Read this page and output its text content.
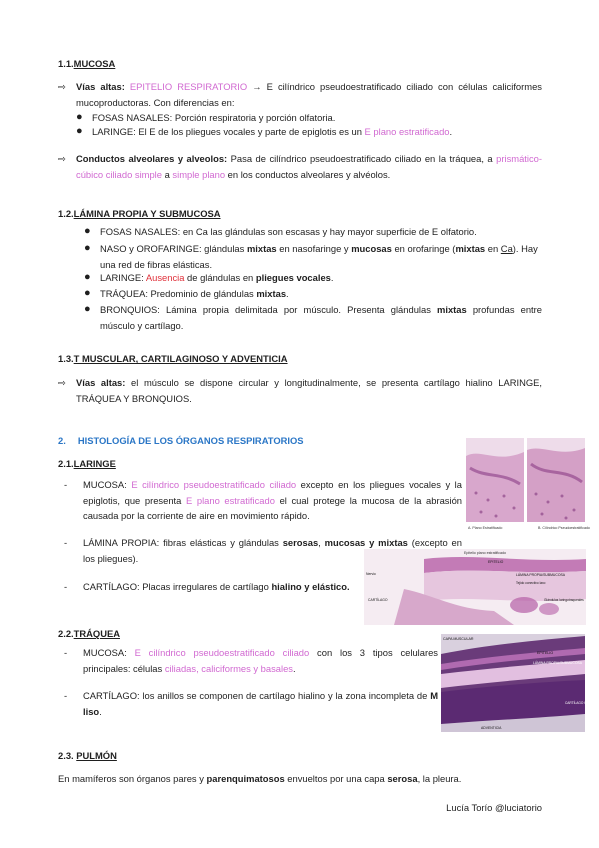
1.1.MUCOSA
⇨	Vías altas: EPITELIO RESPIRATORIO → E cilíndrico pseudoestratificado ciliado con células caliciformes mucoproductoras. Con diferencias en:
● FOSAS NASALES: Porción respiratoria y porción olfatoria.
● LARINGE: El E de los pliegues vocales y parte de epiglotis es un E plano estratificado.
⇨	Conductos alveolares y alveolos: Pasa de cilíndrico pseudoestratificado ciliado en la tráquea, a prismático-cúbico ciliado simple a simple plano en los conductos alveolares y alvéolos.
1.2.LÁMINA PROPIA Y SUBMUCOSA
● FOSAS NASALES: en Ca las glándulas son escasas y hay mayor superficie de E olfatorio.
● NASO y OROFARINGE: glándulas mixtas en nasofaringe y mucosas en orofaringe (mixtas en Ca). Hay una red de fibras elásticas.
● LARINGE: Ausencia de glándulas en pliegues vocales.
● TRÁQUEA: Predominio de glándulas mixtas.
● BRONQUIOS: Lámina propia delimitada por músculo. Presenta glándulas mixtas profundas entre músculo y cartílago.
1.3.T MUSCULAR, CARTILAGINOSO Y ADVENTICIA
⇨	Vías altas: el músculo se dispone circular y longitudinalmente, se presenta cartílago hialino LARINGE, TRÁQUEA Y BRONQUIOS.
2. HISTOLOGÍA DE LOS ÓRGANOS RESPIRATORIOS
2.1.LARINGE
- MUCOSA: E cilíndrico pseudoestratificado ciliado excepto en los pliegues vocales y la epiglotis, que presenta E plano estratificado el cual protege la mucosa de la abrasión causada por la corriente de aire en movimiento rápido.
- LÁMINA PROPIA: fibras elásticas y glándulas serosas, mucosas y mixtas (excepto en los pliegues).
- CARTÍLAGO: Placas irregulares de cartílago hialino y elástico.
2.2.TRÁQUEA
- MUCOSA: E cilíndrico pseudoestratificado ciliado con los 3 tipos celulares principales: células ciliadas, caliciformes y basales.
- CARTÍLAGO: los anillos se componen de cartílago hialino y la zona incompleta de M liso.
2.3. PULMÓN
En mamíferos son órganos pares y parenquimatosos envueltos por una capa serosa, la pleura.
Lucía Torío @luciatorio
A. Plano Estratificado	B. Cilíndrico Pseudoestratificado
Epitelio plano estratificado
EPITELIO
LÁMINA PROPIA/SUBMUCOSA
Tejido conectivo laxo
Glándulas laringotraqueales
Nervio
CARTÍLAGO
CAPA MUSCULAR
EPITELIO
LÁMINA PROPIA/SUBMUCOSA
CARTÍLAGO HIALINO
ADVENTICIA
